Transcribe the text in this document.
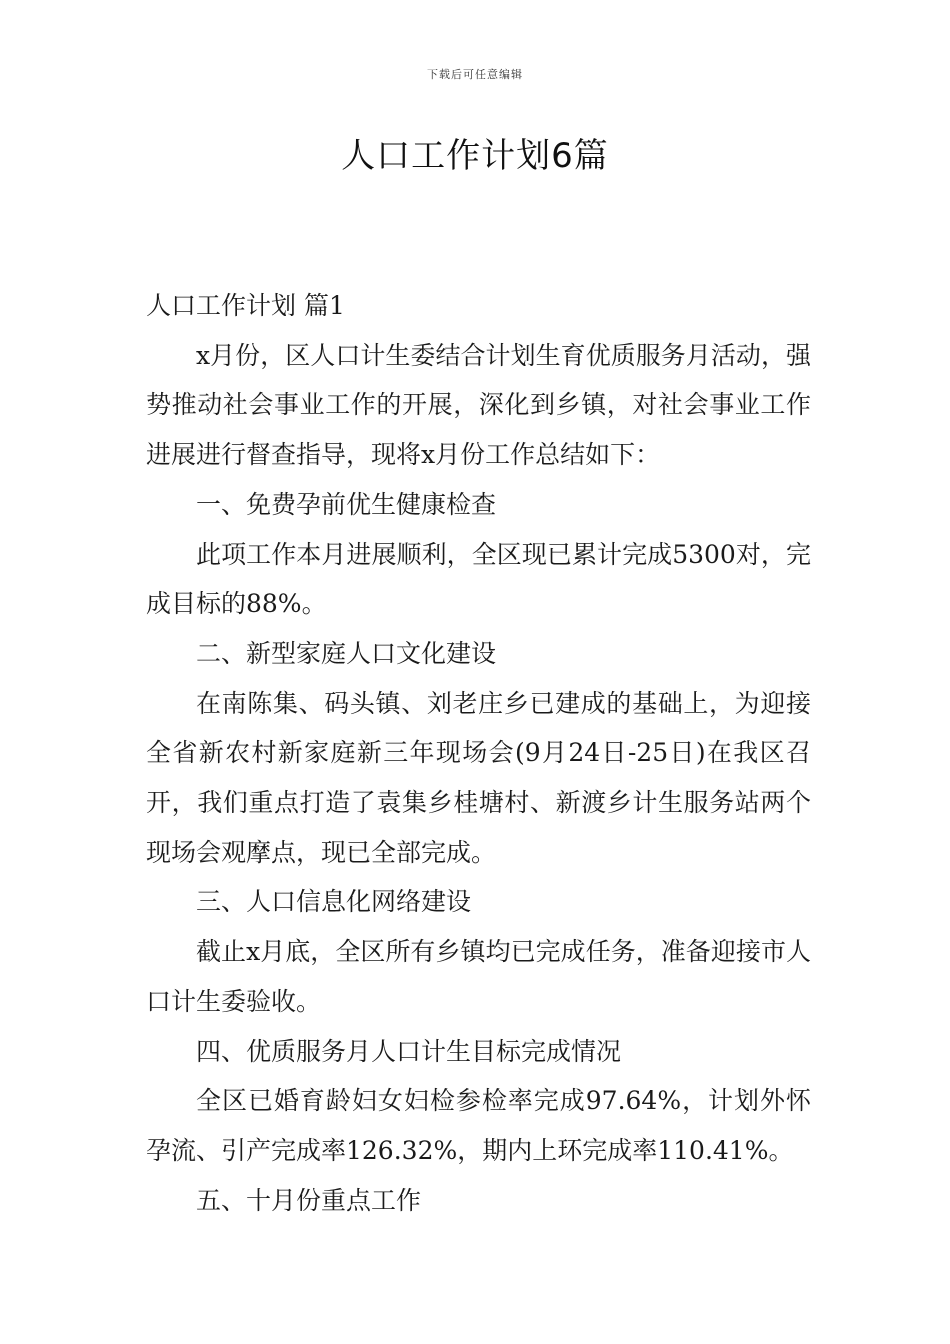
下载后可任意编辑
人口工作计划6篇

人口工作计划 篇1

x月份，区人口计生委结合计划生育优质服务月活动，强势推动社会事业工作的开展，深化到乡镇，对社会事业工作进展进行督查指导，现将x月份工作总结如下：

一、免费孕前优生健康检查

此项工作本月进展顺利，全区现已累计完成5300对，完成目标的88%。

二、新型家庭人口文化建设

在南陈集、码头镇、刘老庄乡已建成的基础上，为迎接全省新农村新家庭新三年现场会(9月24日-25日)在我区召开，我们重点打造了袁集乡桂塘村、新渡乡计生服务站两个现场会观摩点，现已全部完成。

三、人口信息化网络建设

截止x月底，全区所有乡镇均已完成任务，准备迎接市人口计生委验收。

四、优质服务月人口计生目标完成情况

全区已婚育龄妇女妇检参检率完成97.64%，计划外怀孕流、引产完成率126.32%，期内上环完成率110.41%。

五、十月份重点工作
